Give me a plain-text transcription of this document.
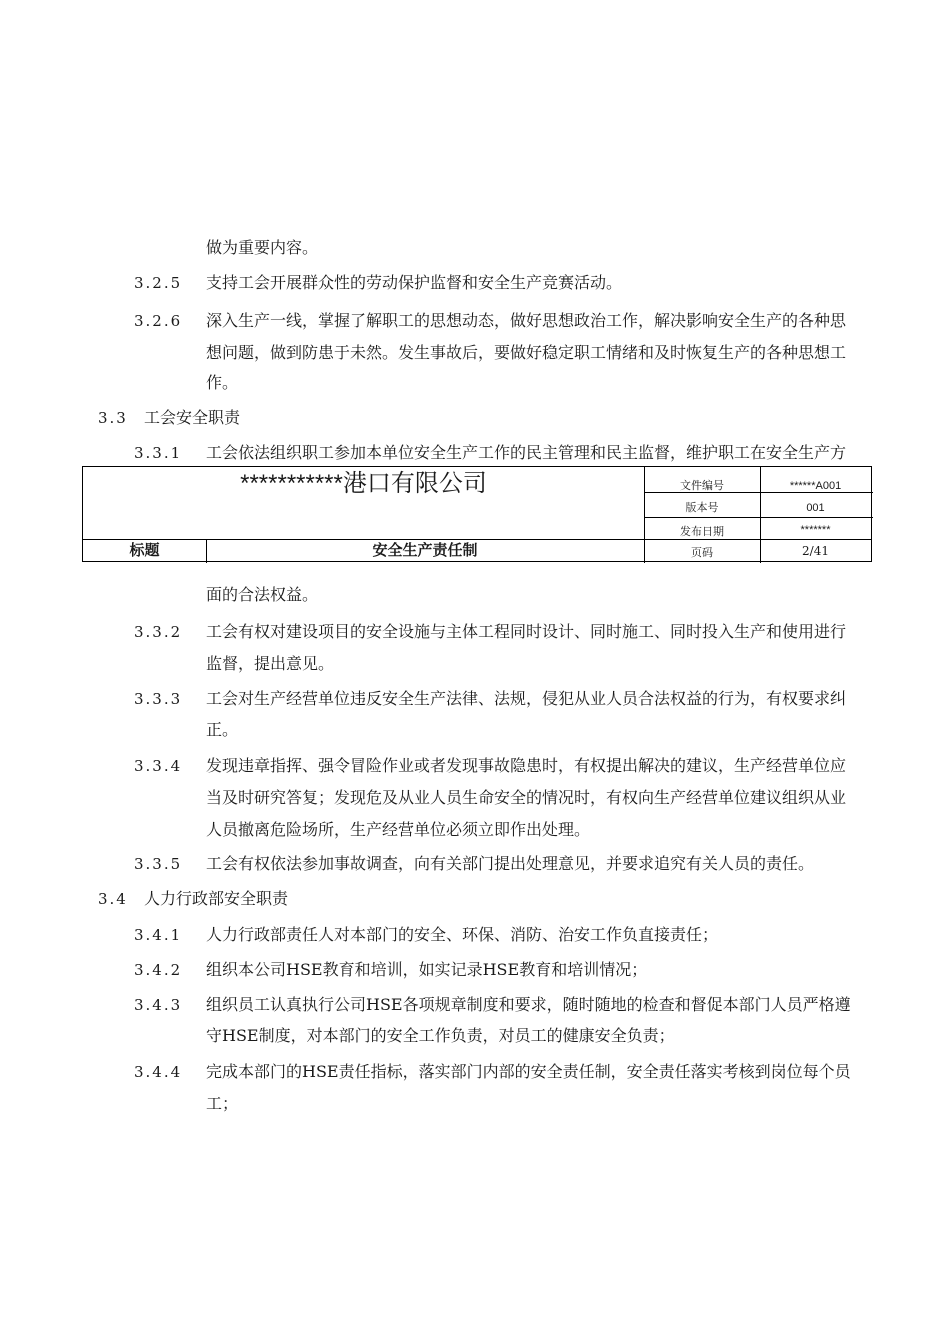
做为重要内容。
3.2.5 支持工会开展群众性的劳动保护监督和安全生产竞赛活动。
3.2.6 深入生产一线，掌握了解职工的思想动态，做好思想政治工作，解决影响安全生产的各种思
想问题，做到防患于未然。发生事故后，要做好稳定职工情绪和及时恢复生产的各种思想工
作。
3.3 工会安全职责
3.3.1 工会依法组织职工参加本单位安全生产工作的民主管理和民主监督，维护职工在安全生产方
***********港口有限公司	文件编号	******A001
版本号	001
发布日期	*******
标题	安全生产责任制	页码	2/41
面的合法权益。
3.3.2 工会有权对建设项目的安全设施与主体工程同时设计、同时施工、同时投入生产和使用进行
监督，提出意见。
3.3.3 工会对生产经营单位违反安全生产法律、法规，侵犯从业人员合法权益的行为，有权要求纠
正。
3.3.4 发现违章指挥、强令冒险作业或者发现事故隐患时，有权提出解决的建议，生产经营单位应
当及时研究答复；发现危及从业人员生命安全的情况时，有权向生产经营单位建议组织从业
人员撤离危险场所，生产经营单位必须立即作出处理。
3.3.5 工会有权依法参加事故调查，向有关部门提出处理意见，并要求追究有关人员的责任。
3.4 人力行政部安全职责
3.4.1 人力行政部责任人对本部门的安全、环保、消防、治安工作负直接责任；
3.4.2 组织本公司HSE教育和培训，如实记录HSE教育和培训情况；
3.4.3 组织员工认真执行公司HSE各项规章制度和要求，随时随地的检查和督促本部门人员严格遵
守HSE制度，对本部门的安全工作负责，对员工的健康安全负责；
3.4.4 完成本部门的HSE责任指标，落实部门内部的安全责任制，安全责任落实考核到岗位每个员
工；
